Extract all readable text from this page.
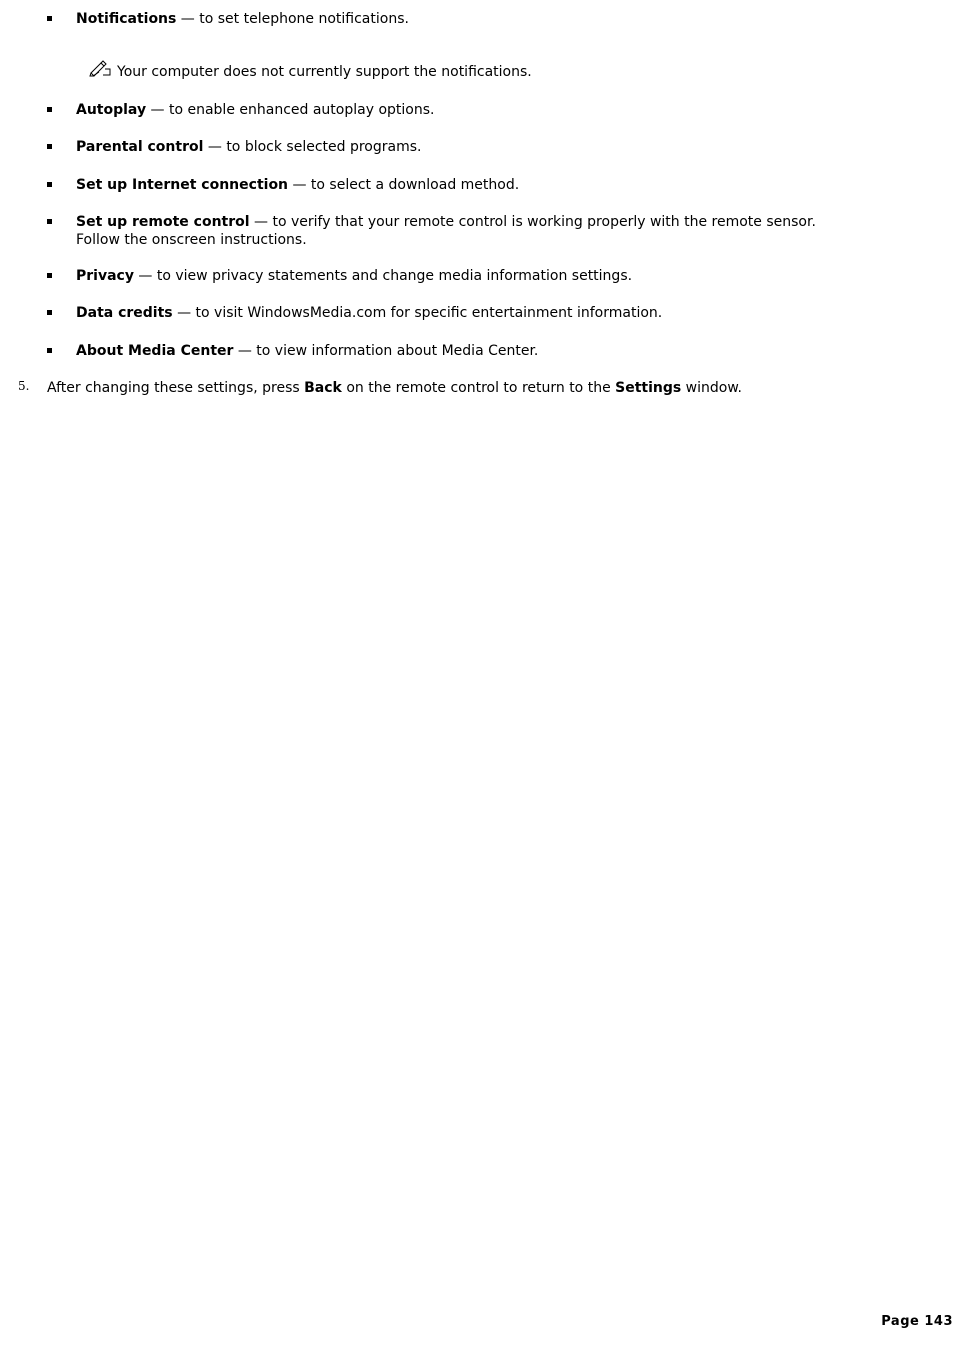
Notifications — to set telephone notifications.
Your computer does not currently support the notifications.
Autoplay — to enable enhanced autoplay options.
Parental control — to block selected programs.
Set up Internet connection — to select a download method.
Set up remote control — to verify that your remote control is working properly with the remote sensor.
Follow the onscreen instructions.
Privacy — to view privacy statements and change media information settings.
Data credits — to visit WindowsMedia.com for specific entertainment information.
About Media Center — to view information about Media Center.
5. After changing these settings, press Back on the remote control to return to the Settings window.
Page 143
